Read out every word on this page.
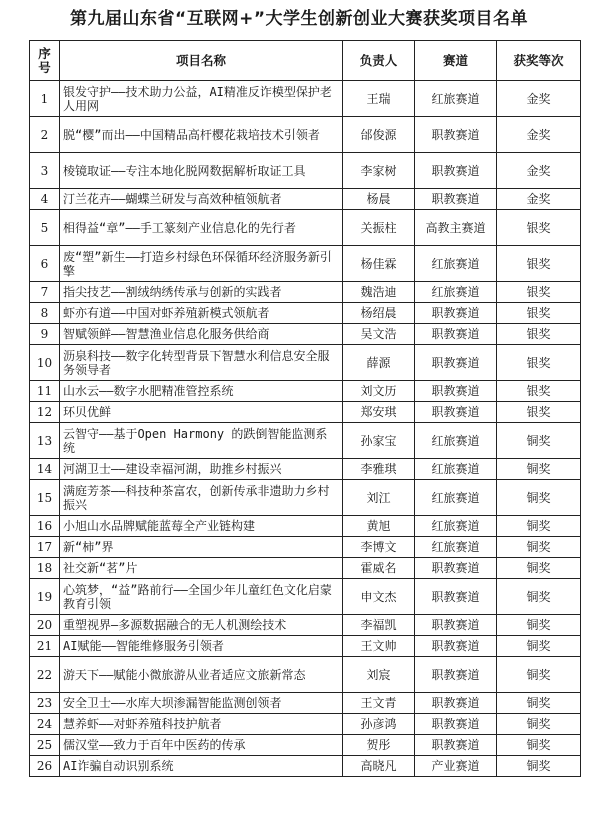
第九届山东省“互联网+”大学生创新创业大赛获奖项目名单
序号	项目名称	负责人	赛道	获奖等次
1	银发守护——技术助力公益，AI精准反诈模型保护老人用网	王瑞	红旅赛道	金奖
2	脱“樱”而出——中国精品高杆樱花栽培技术引领者	邰俊源	职教赛道	金奖
3	棱镜取证——专注本地化脱网数据解析取证工具	李家树	职教赛道	金奖
4	汀兰花卉——蝴蝶兰研发与高效种植领航者	杨晨	职教赛道	金奖
5	相得益“章”——手工篆刻产业信息化的先行者	关振柱	高教主赛道	银奖
6	废“塑”新生——打造乡村绿色环保循环经济服务新引擎	杨佳霖	红旅赛道	银奖
7	指尖技艺——割绒纳绣传承与创新的实践者	魏浩迪	红旅赛道	银奖
8	虾亦有道——中国对虾养殖新模式领航者	杨绍晨	职教赛道	银奖
9	智赋领鲜——智慧渔业信息化服务供给商	吴文浩	职教赛道	银奖
10	沥泉科技——数字化转型背景下智慧水利信息安全服务领导者	薛源	职教赛道	银奖
11	山水云——数字水肥精准管控系统	刘文历	职教赛道	银奖
12	环贝优鲜	郑安琪	职教赛道	银奖
13	云智守——基于Open Harmony 的跌倒智能监测系统	孙家宝	红旅赛道	铜奖
14	河湖卫士——建设幸福河湖，助推乡村振兴	李雅琪	红旅赛道	铜奖
15	满庭芳茶——科技种茶富农，创新传承非遗助力乡村振兴	刘江	红旅赛道	铜奖
16	小旭山水品牌赋能蓝莓全产业链构建	黄旭	红旅赛道	铜奖
17	新“柿”界	李博文	红旅赛道	铜奖
18	社交新“茗”片	霍威名	职教赛道	铜奖
19	心筑梦，“益”路前行——全国少年儿童红色文化启蒙教育引领	申文杰	职教赛道	铜奖
20	重塑视界—多源数据融合的无人机测绘技术	李福凯	职教赛道	铜奖
21	AI赋能——智能维修服务引领者	王文帅	职教赛道	铜奖
22	游天下——赋能小微旅游从业者适应文旅新常态	刘宸	职教赛道	铜奖
23	安全卫士——水库大坝渗漏智能监测创领者	王文青	职教赛道	铜奖
24	慧养虾——对虾养殖科技护航者	孙彦鸿	职教赛道	铜奖
25	儒汉堂——致力于百年中医药的传承	贺彤	职教赛道	铜奖
26	AI诈骗自动识别系统	高晓凡	产业赛道	铜奖
